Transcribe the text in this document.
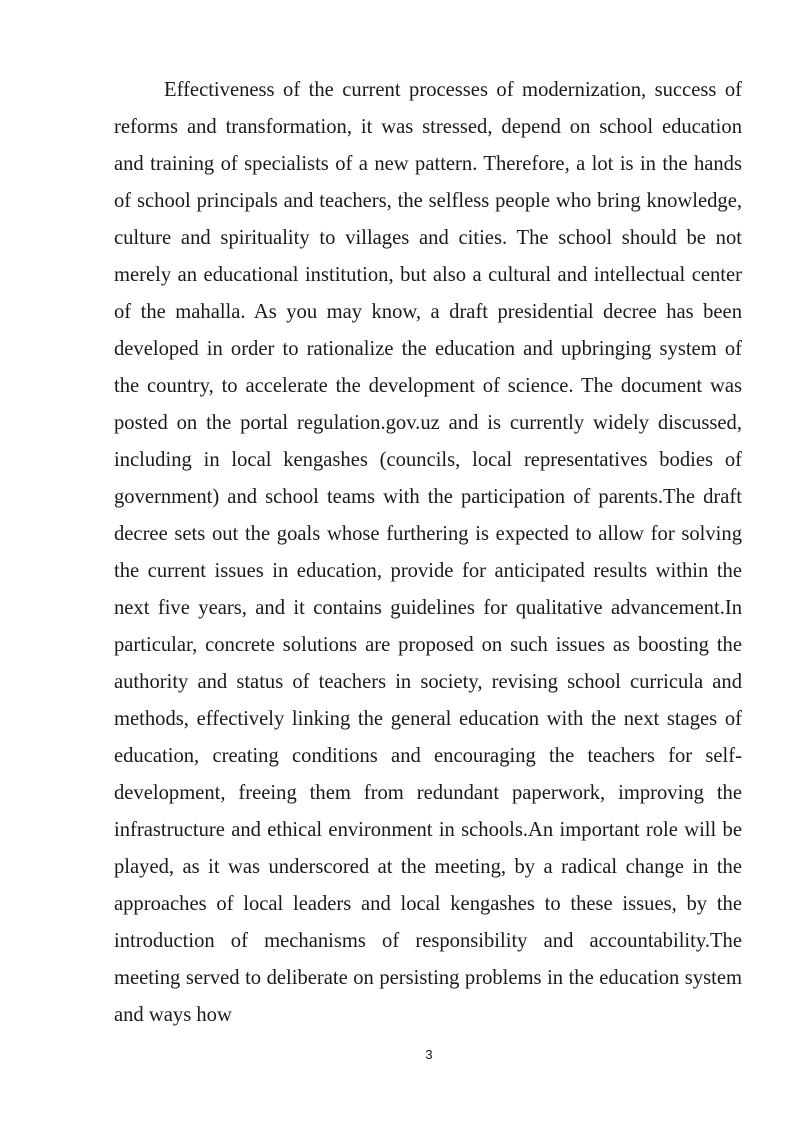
Effectiveness of the current processes of modernization, success of reforms and transformation, it was stressed, depend on school education and training of specialists of a new pattern. Therefore, a lot is in the hands of school principals and teachers, the selfless people who bring knowledge, culture and spirituality to villages and cities. The school should be not merely an educational institution, but also a cultural and intellectual center of the mahalla. As you may know, a draft presidential decree has been developed in order to rationalize the education and upbringing system of the country, to accelerate the development of science. The document was posted on the portal regulation.gov.uz and is currently widely discussed, including in local kengashes (councils, local representatives bodies of government) and school teams with the participation of parents.The draft decree sets out the goals whose furthering is expected to allow for solving the current issues in education, provide for anticipated results within the next five years, and it contains guidelines for qualitative advancement.In particular, concrete solutions are proposed on such issues as boosting the authority and status of teachers in society, revising school curricula and methods, effectively linking the general education with the next stages of education, creating conditions and encouraging the teachers for self-development, freeing them from redundant paperwork, improving the infrastructure and ethical environment in schools.An important role will be played, as it was underscored at the meeting, by a radical change in the approaches of local leaders and local kengashes to these issues, by the introduction of mechanisms of responsibility and accountability.The meeting served to deliberate on persisting problems in the education system and ways how

3
